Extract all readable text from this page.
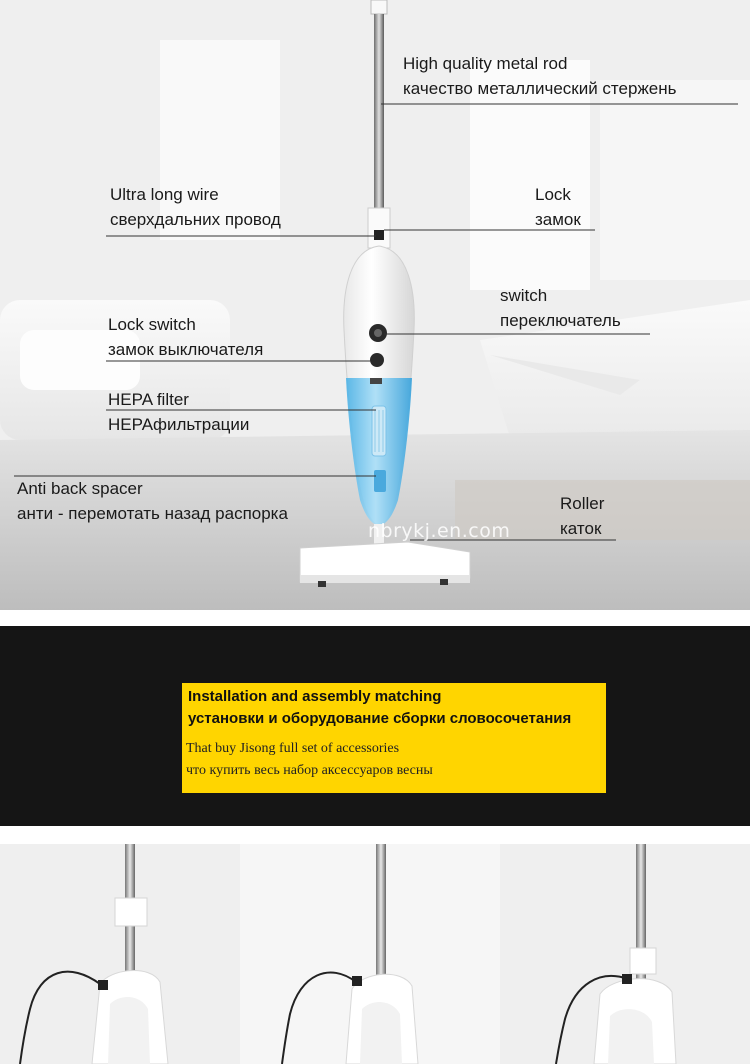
High quality metal rod
качество металлический стержень
Ultra long wire
сверхдальних провод
Lock
замок
switch
переключатель
Lock switch
замок выключателя
HEPA filter
HEPAфильтрации
Anti back spacer
анти - перемотать назад распорка
Roller
каток
nbrykj.en.com
Installation and assembly matching
установки и оборудование сборки словосочетания
That buy Jisong full set of accessories
что купить весь набор аксессуаров весны
